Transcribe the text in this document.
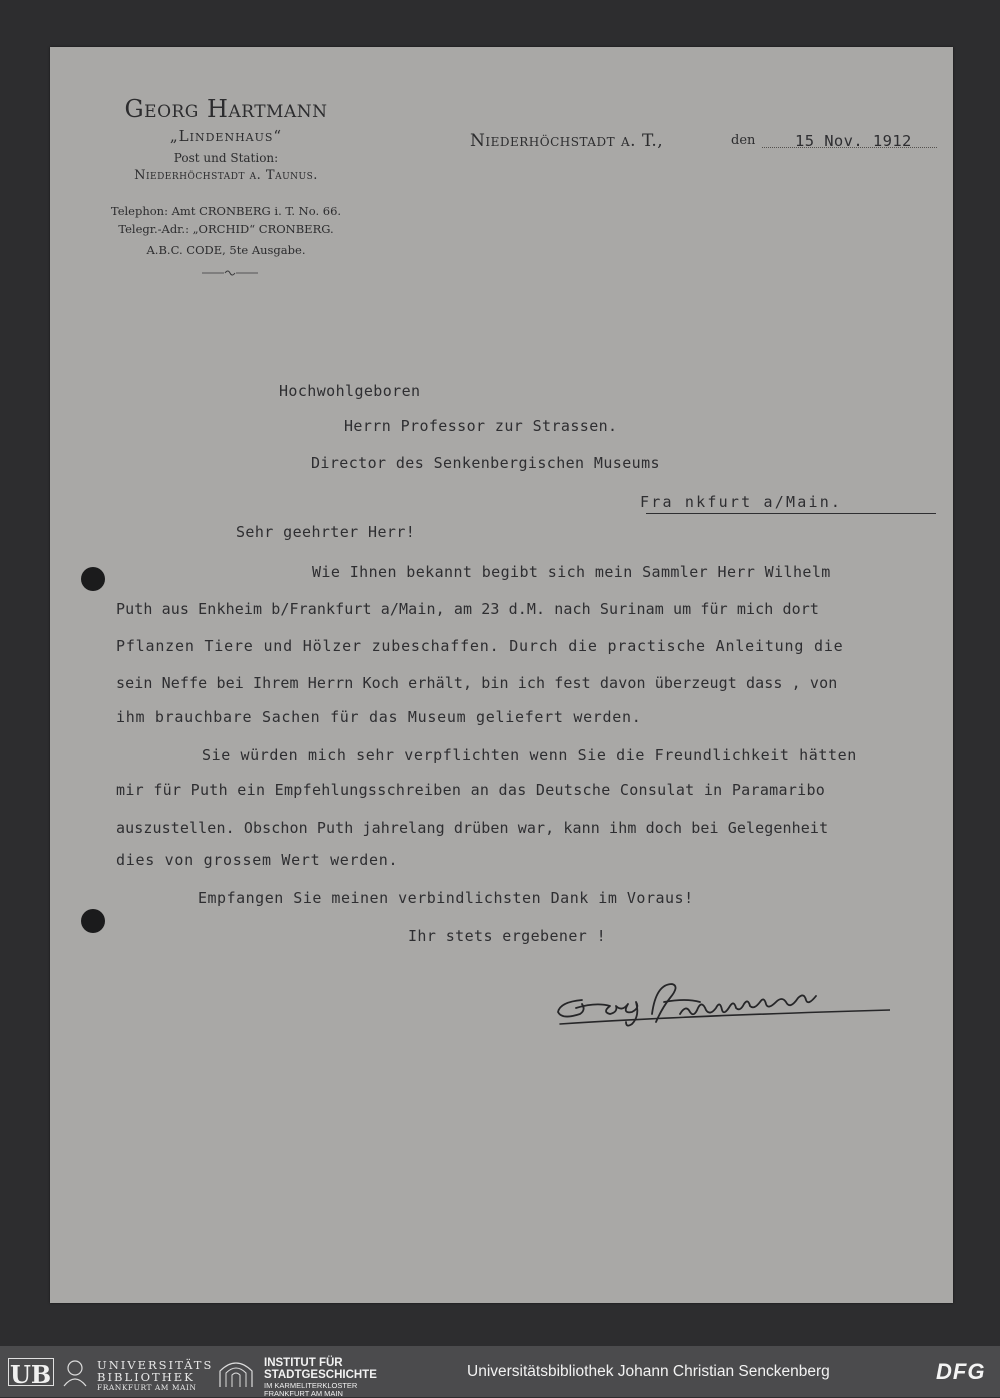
Georg Hartmann
„Lindenhaus“
Post und Station:
Niederhöchstadt a. Taunus.
Telephon: Amt CRONBERG i. T. No. 66.
Telegr.-Adr.: „ORCHID“ CRONBERG.
A.B.C. CODE, 5te Ausgabe.
Niederhöchstadt a. T.,	den	15 Nov. 1912
Hochwohlgeboren
Herrn Professor zur Strassen.
Director des Senkenbergischen Museums
Fra nkfurt a/Main.
Sehr geehrter Herr!
Wie Ihnen bekannt begibt sich mein Sammler Herr Wilhelm
Puth aus Enkheim b/Frankfurt a/Main, am 23 d.M. nach Surinam um für mich dort
Pflanzen Tiere und Hölzer zubeschaffen. Durch die practische Anleitung die
sein Neffe bei Ihrem Herrn Koch erhält, bin ich fest davon überzeugt dass , von
ihm brauchbare Sachen für das Museum geliefert werden.
Sie würden mich sehr verpflichten wenn Sie die Freundlichkeit hätten
mir für Puth ein Empfehlungsschreiben an das Deutsche Consulat in Paramaribo
auszustellen. Obschon Puth jahrelang drüben war, kann ihm doch bei Gelegenheit
dies von grossem Wert werden.
Empfangen Sie meinen verbindlichsten Dank im Voraus!
Ihr stets ergebener !
UB	UNIVERSITÄTS
BIBLIOTHEK
FRANKFURT AM MAIN
INSTITUT FÜR
STADTGESCHICHTE
IM KARMELITERKLOSTER
FRANKFURT AM MAIN
Universitätsbibliothek Johann Christian Senckenberg	DFG
